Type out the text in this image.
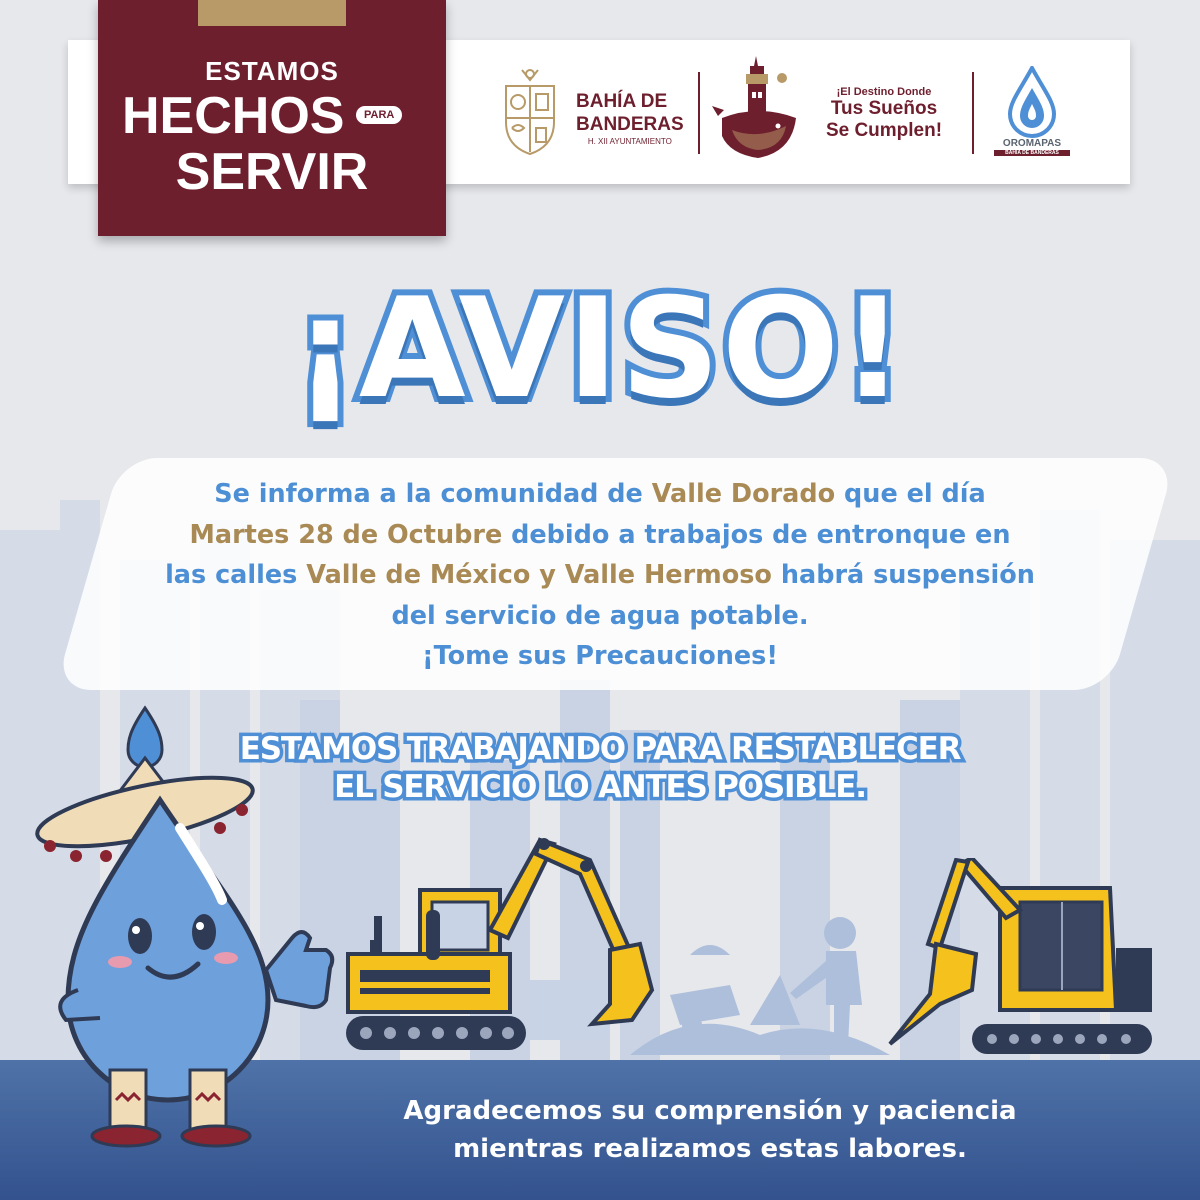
ESTAMOS
HECHOS	PARA
SERVIR
BAHÍA DE
BANDERAS
H. XII AYUNTAMIENTO
¡El Destino Donde
Tus Sueños
Se Cumplen!
OROMAPAS
BAHÍA DE BANDERAS
¡AVISO!
Se informa a la comunidad de Valle Dorado que el día
Martes 28 de Octubre debido a trabajos de entronque en
las calles Valle de México y Valle Hermoso habrá suspensión
del servicio de agua potable.
¡Tome sus Precauciones!
ESTAMOS TRABAJANDO PARA RESTABLECER
EL SERVICIO LO ANTES POSIBLE.
Agradecemos su comprensión y paciencia
mientras realizamos estas labores.
